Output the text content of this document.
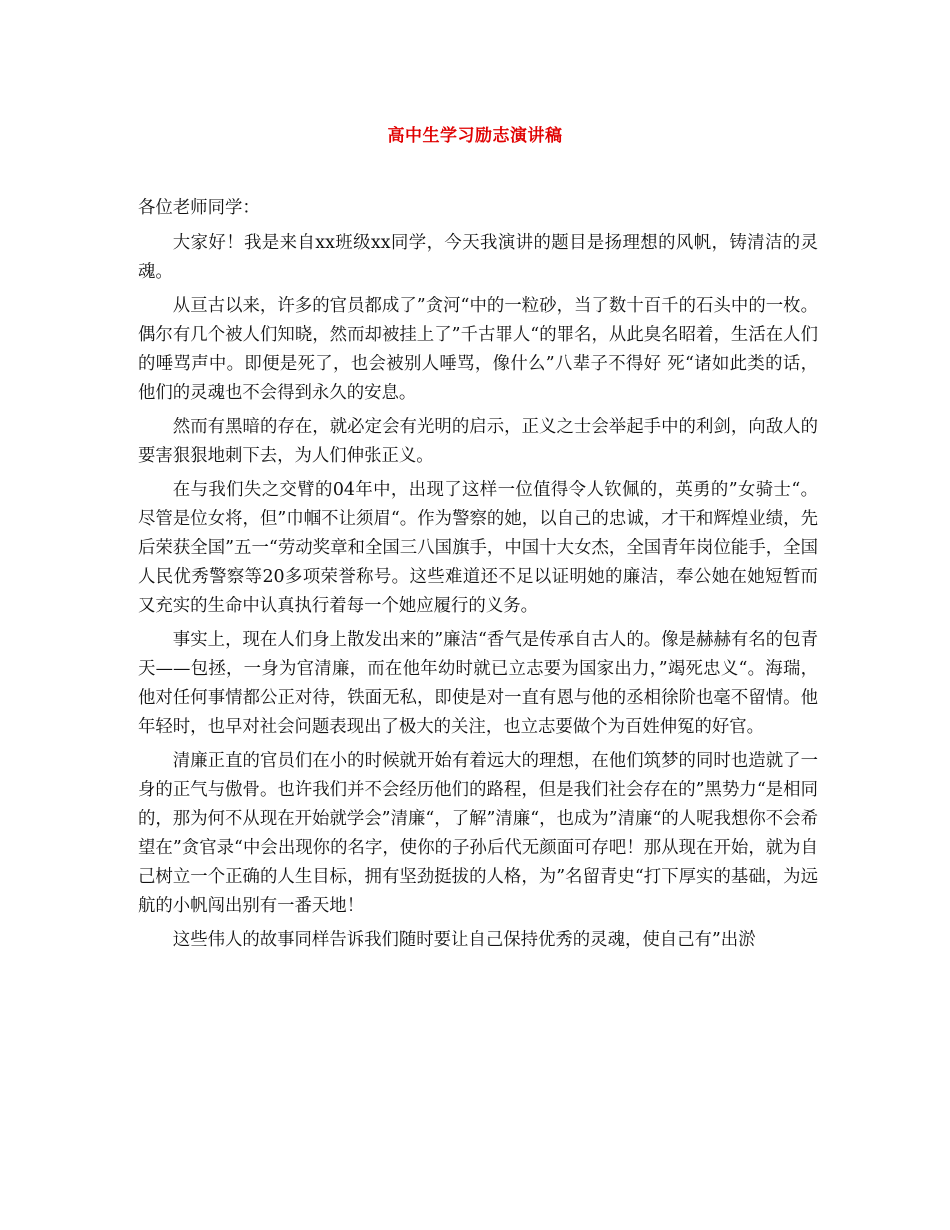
高中生学习励志演讲稿

各位老师同学：

大家好！我是来自xx班级xx同学，今天我演讲的题目是扬理想的风帆，铸清洁的灵魂。

从亘古以来，许多的官员都成了”贪河“中的一粒砂，当了数十百千的石头中的一枚。偶尔有几个被人们知晓，然而却被挂上了”千古罪人“的罪名，从此臭名昭着，生活在人们的唾骂声中。即便是死了，也会被别人唾骂，像什么”八辈子不得好 死“诸如此类的话，他们的灵魂也不会得到永久的安息。

然而有黑暗的存在，就必定会有光明的启示，正义之士会举起手中的利剑，向敌人的要害狠狠地刺下去，为人们伸张正义。

在与我们失之交臂的04年中，出现了这样一位值得令人钦佩的，英勇的”女骑士“。尽管是位女将，但”巾帼不让须眉“。作为警察的她，以自己的忠诚，才干和辉煌业绩，先后荣获全国”五一“劳动奖章和全国三八国旗手，中国十大女杰，全国青年岗位能手，全国人民优秀警察等20多项荣誉称号。这些难道还不足以证明她的廉洁，奉公她在她短暂而又充实的生命中认真执行着每一个她应履行的义务。

事实上，现在人们身上散发出来的”廉洁“香气是传承自古人的。像是赫赫有名的包青天——包拯，一身为官清廉，而在他年幼时就已立志要为国家出力，”竭死忠义“。海瑞，他对任何事情都公正对待，铁面无私，即使是对一直有恩与他的丞相徐阶也毫不留情。他年轻时，也早对社会问题表现出了极大的关注，也立志要做个为百姓伸冤的好官。

清廉正直的官员们在小的时候就开始有着远大的理想，在他们筑梦的同时也造就了一身的正气与傲骨。也许我们并不会经历他们的路程，但是我们社会存在的”黑势力“是相同的，那为何不从现在开始就学会”清廉“，了解”清廉“，也成为”清廉“的人呢我想你不会希望在”贪官录“中会出现你的名字，使你的子孙后代无颜面可存吧！那从现在开始，就为自己树立一个正确的人生目标，拥有坚劲挺拔的人格，为”名留青史“打下厚实的基础，为远航的小帆闯出别有一番天地！

这些伟人的故事同样告诉我们随时要让自己保持优秀的灵魂，使自己有”出淤
